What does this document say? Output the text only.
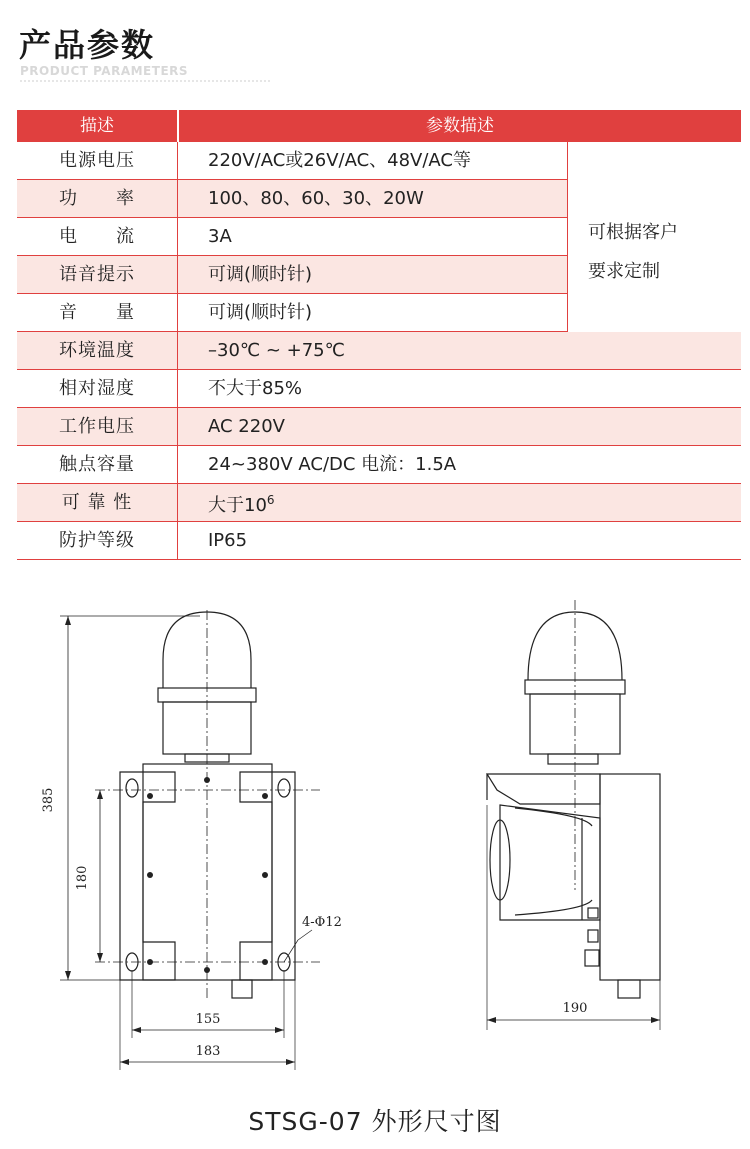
产品参数
PRODUCT PARAMETERS
描述	参数描述
电源电压	220V/AC或26V/AC、48V/AC等
功　　率	100、80、60、30、20W
电　　流	3A
语音提示	可调(顺时针)
音　　量	可调(顺时针)
环境温度	–30℃ ~ +75℃
相对湿度	不大于85%
工作电压	AC 220V
触点容量	24~380V AC/DC 电流：1.5A
可 靠 性	大于$10^6$
防护等级	IP65
可根据客户
要求定制
385
180
155
183
4-Φ12
190
STSG-07 外形尺寸图
